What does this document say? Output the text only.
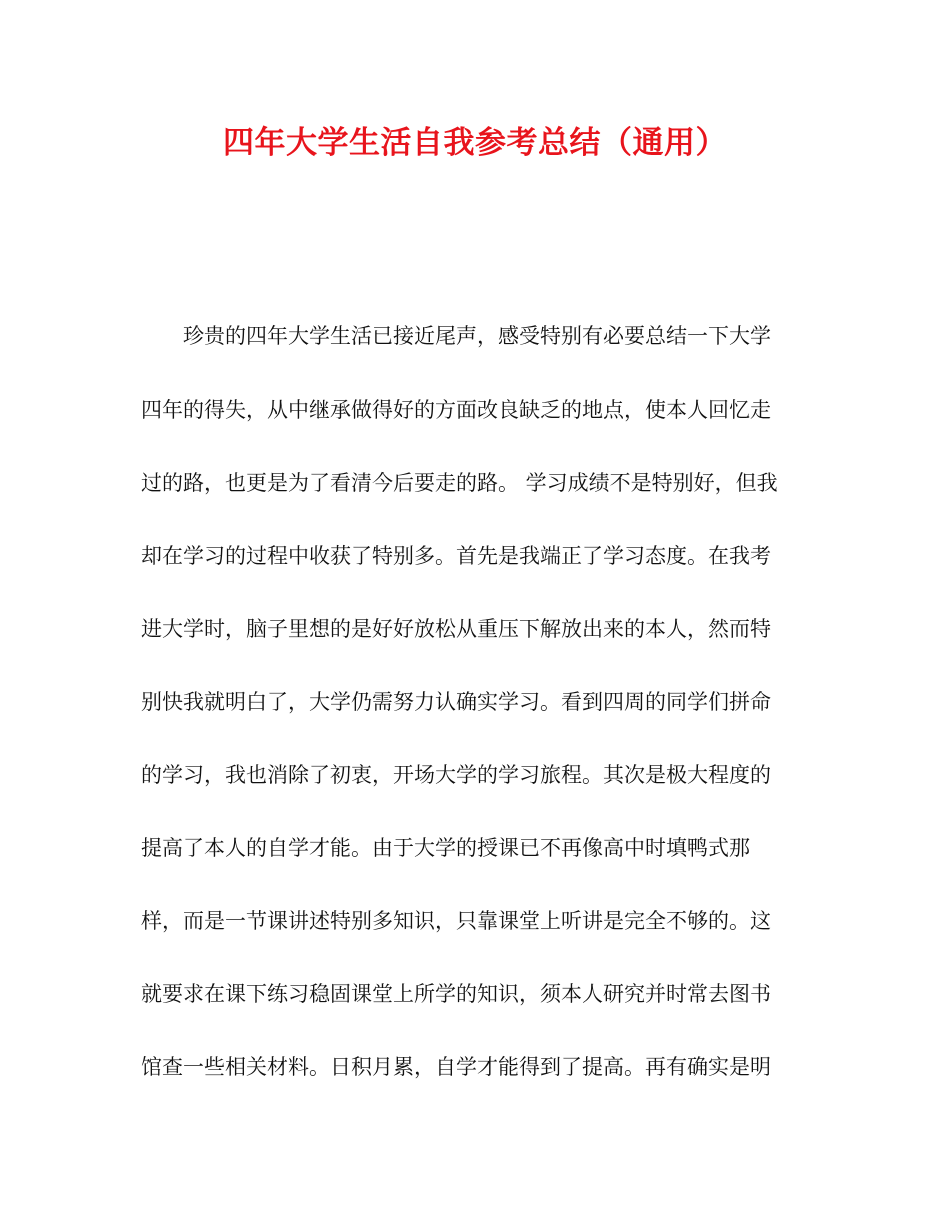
四年大学生活自我参考总结（通用）

珍贵的四年大学生活已接近尾声，感受特别有必要总结一下大学

四年的得失，从中继承做得好的方面改良缺乏的地点，使本人回忆走

过的路，也更是为了看清今后要走的路。 学习成绩不是特别好，但我

却在学习的过程中收获了特别多。首先是我端正了学习态度。在我考

进大学时，脑子里想的是好好放松从重压下解放出来的本人，然而特

别快我就明白了，大学仍需努力认确实学习。看到四周的同学们拼命

的学习，我也消除了初衷，开场大学的学习旅程。其次是极大程度的

提高了本人的自学才能。由于大学的授课已不再像高中时填鸭式那

样，而是一节课讲述特别多知识，只靠课堂上听讲是完全不够的。这

就要求在课下练习稳固课堂上所学的知识，须本人研究并时常去图书

馆查一些相关材料。日积月累，自学才能得到了提高。再有确实是明
